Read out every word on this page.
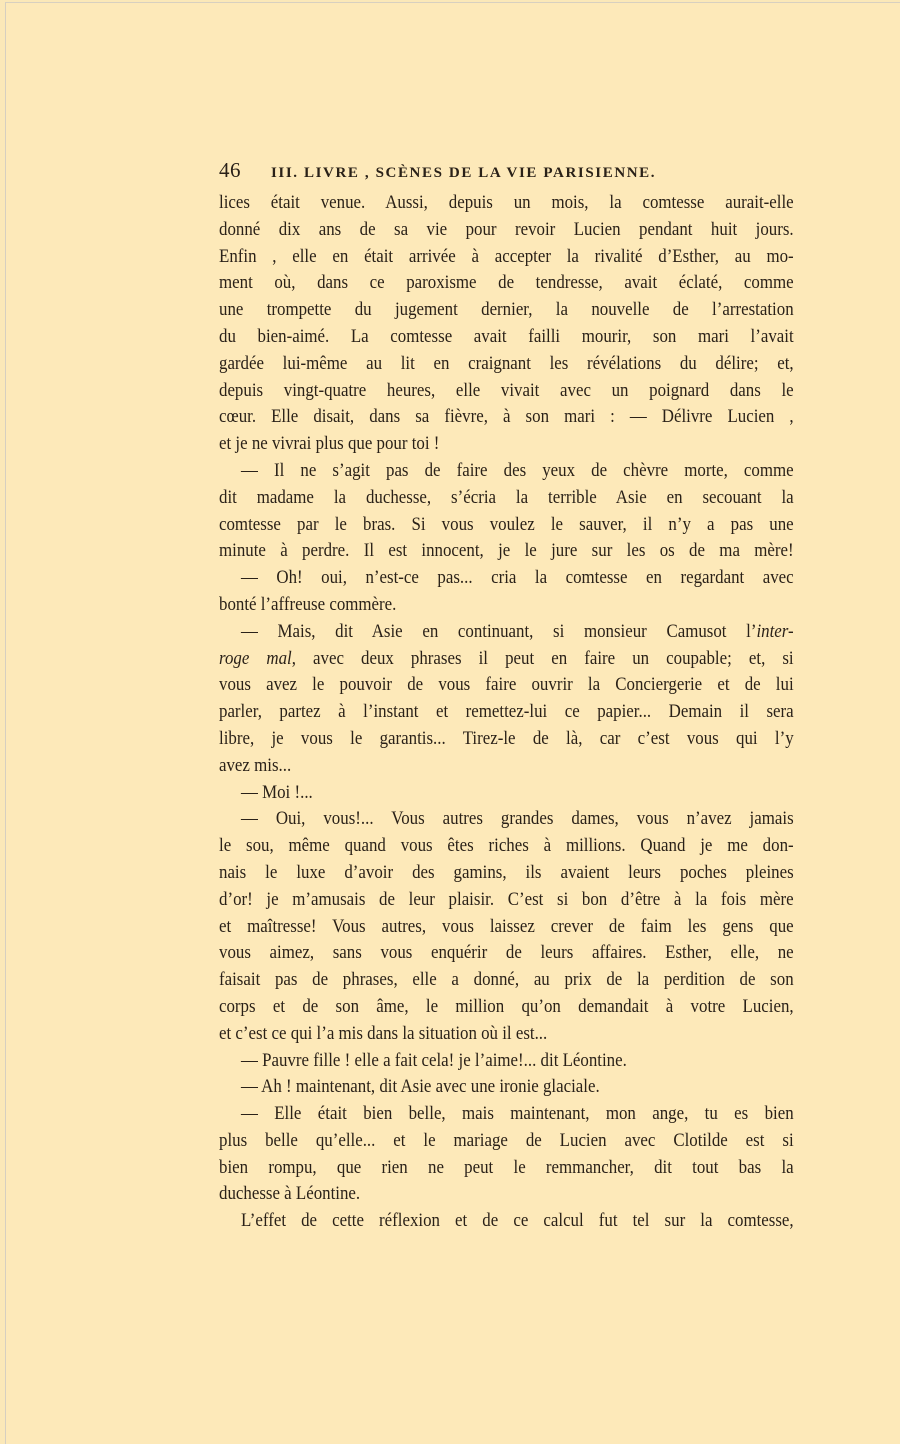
46	III. LIVRE , SCÈNES DE LA VIE PARISIENNE.
lices était venue. Aussi, depuis un mois, la comtesse aurait-elle
donné dix ans de sa vie pour revoir Lucien pendant huit jours.
Enfin , elle en était arrivée à accepter la rivalité d’Esther, au mo-
ment où, dans ce paroxisme de tendresse, avait éclaté, comme
une trompette du jugement dernier, la nouvelle de l’arrestation
du bien-aimé. La comtesse avait failli mourir, son mari l’avait
gardée lui-même au lit en craignant les révélations du délire; et,
depuis vingt-quatre heures, elle vivait avec un poignard dans le
cœur. Elle disait, dans sa fièvre, à son mari : — Délivre Lucien ,
et je ne vivrai plus que pour toi !
— Il ne s’agit pas de faire des yeux de chèvre morte, comme
dit madame la duchesse, s’écria la terrible Asie en secouant la
comtesse par le bras. Si vous voulez le sauver, il n’y a pas une
minute à perdre. Il est innocent, je le jure sur les os de ma mère!
— Oh! oui, n’est-ce pas... cria la comtesse en regardant avec
bonté l’affreuse commère.
— Mais, dit Asie en continuant, si monsieur Camusot l’inter-
roge mal, avec deux phrases il peut en faire un coupable; et, si
vous avez le pouvoir de vous faire ouvrir la Conciergerie et de lui
parler, partez à l’instant et remettez-lui ce papier... Demain il sera
libre, je vous le garantis... Tirez-le de là, car c’est vous qui l’y
avez mis...
— Moi !...
— Oui, vous!... Vous autres grandes dames, vous n’avez jamais
le sou, même quand vous êtes riches à millions. Quand je me don-
nais le luxe d’avoir des gamins, ils avaient leurs poches pleines
d’or! je m’amusais de leur plaisir. C’est si bon d’être à la fois mère
et maîtresse! Vous autres, vous laissez crever de faim les gens que
vous aimez, sans vous enquérir de leurs affaires. Esther, elle, ne
faisait pas de phrases, elle a donné, au prix de la perdition de son
corps et de son âme, le million qu’on demandait à votre Lucien,
et c’est ce qui l’a mis dans la situation où il est...
— Pauvre fille ! elle a fait cela! je l’aime!... dit Léontine.
— Ah ! maintenant, dit Asie avec une ironie glaciale.
— Elle était bien belle, mais maintenant, mon ange, tu es bien
plus belle qu’elle... et le mariage de Lucien avec Clotilde est si
bien rompu, que rien ne peut le remmancher, dit tout bas la
duchesse à Léontine.
L’effet de cette réflexion et de ce calcul fut tel sur la comtesse,
